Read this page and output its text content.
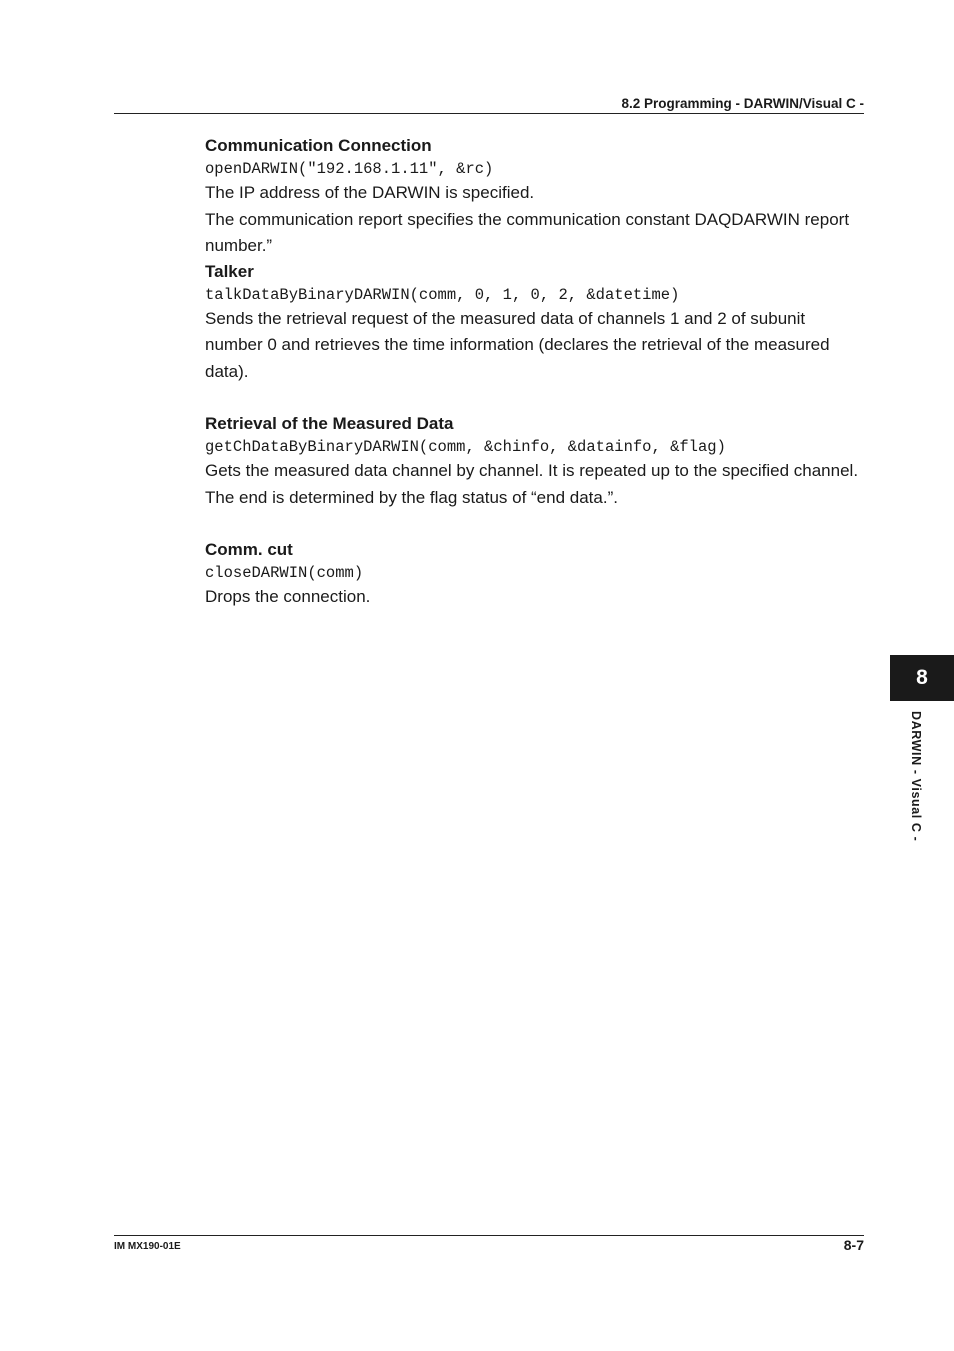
8.2 Programming - DARWIN/Visual C -
Communication Connection
openDARWIN("192.168.1.11", &rc)
The IP address of the DARWIN is specified.
The communication report specifies the communication constant DAQDARWIN report number.”
Talker
talkDataByBinaryDARWIN(comm, 0, 1, 0, 2, &datetime)
Sends the retrieval request of the measured data of channels 1 and 2 of subunit number 0 and retrieves the time information (declares the retrieval of the measured data).
Retrieval of the Measured Data
getChDataByBinaryDARWIN(comm, &chinfo, &datainfo, &flag)
Gets the measured data channel by channel. It is repeated up to the specified channel.
The end is determined by the flag status of “end data.”.
Comm. cut
closeDARWIN(comm)
Drops the connection.
8
DARWIN - Visual C -
IM MX190-01E	8-7
